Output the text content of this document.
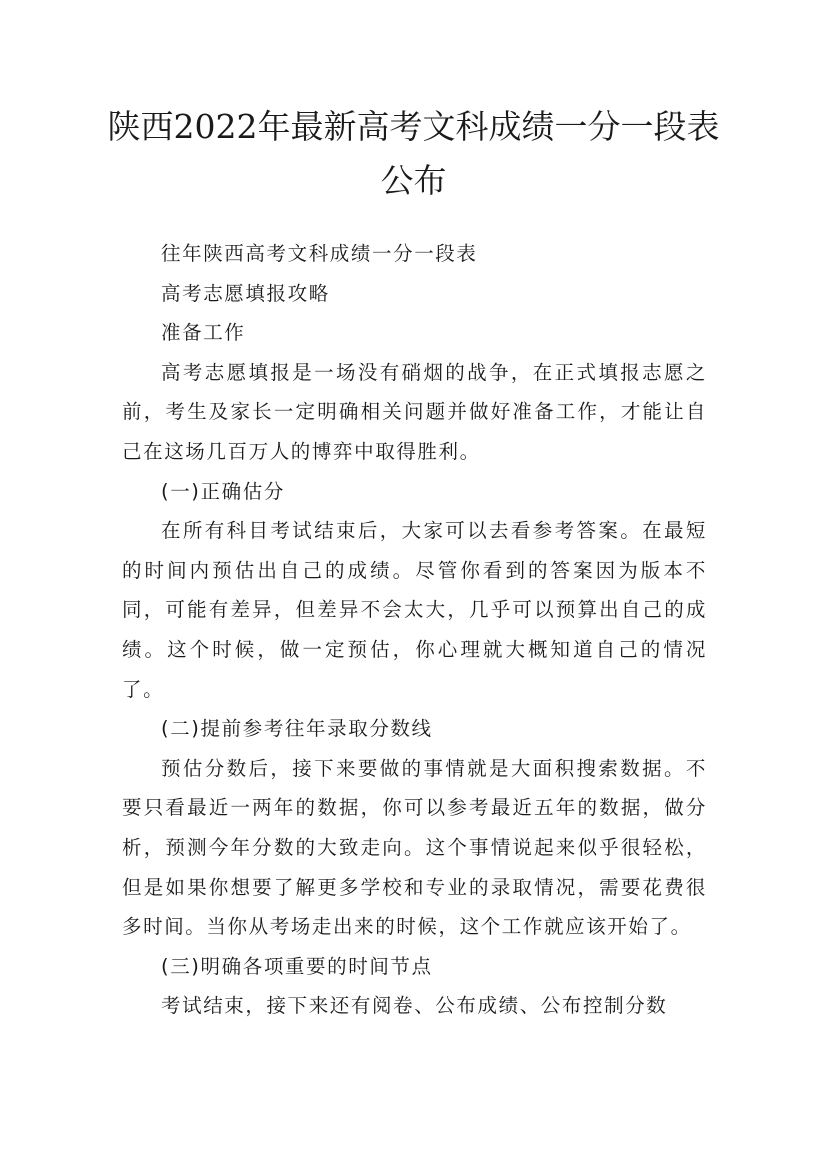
陕西2022年最新高考文科成绩一分一段表
公布

往年陕西高考文科成绩一分一段表

高考志愿填报攻略

准备工作

高考志愿填报是一场没有硝烟的战争，在正式填报志愿之前，考生及家长一定明确相关问题并做好准备工作，才能让自己在这场几百万人的博弈中取得胜利。

(一)正确估分

在所有科目考试结束后，大家可以去看参考答案。在最短的时间内预估出自己的成绩。尽管你看到的答案因为版本不同，可能有差异，但差异不会太大，几乎可以预算出自己的成绩。这个时候，做一定预估，你心理就大概知道自己的情况了。

(二)提前参考往年录取分数线

预估分数后，接下来要做的事情就是大面积搜索数据。不要只看最近一两年的数据，你可以参考最近五年的数据，做分析，预测今年分数的大致走向。这个事情说起来似乎很轻松，但是如果你想要了解更多学校和专业的录取情况，需要花费很多时间。当你从考场走出来的时候，这个工作就应该开始了。

(三)明确各项重要的时间节点

考试结束，接下来还有阅卷、公布成绩、公布控制分数
